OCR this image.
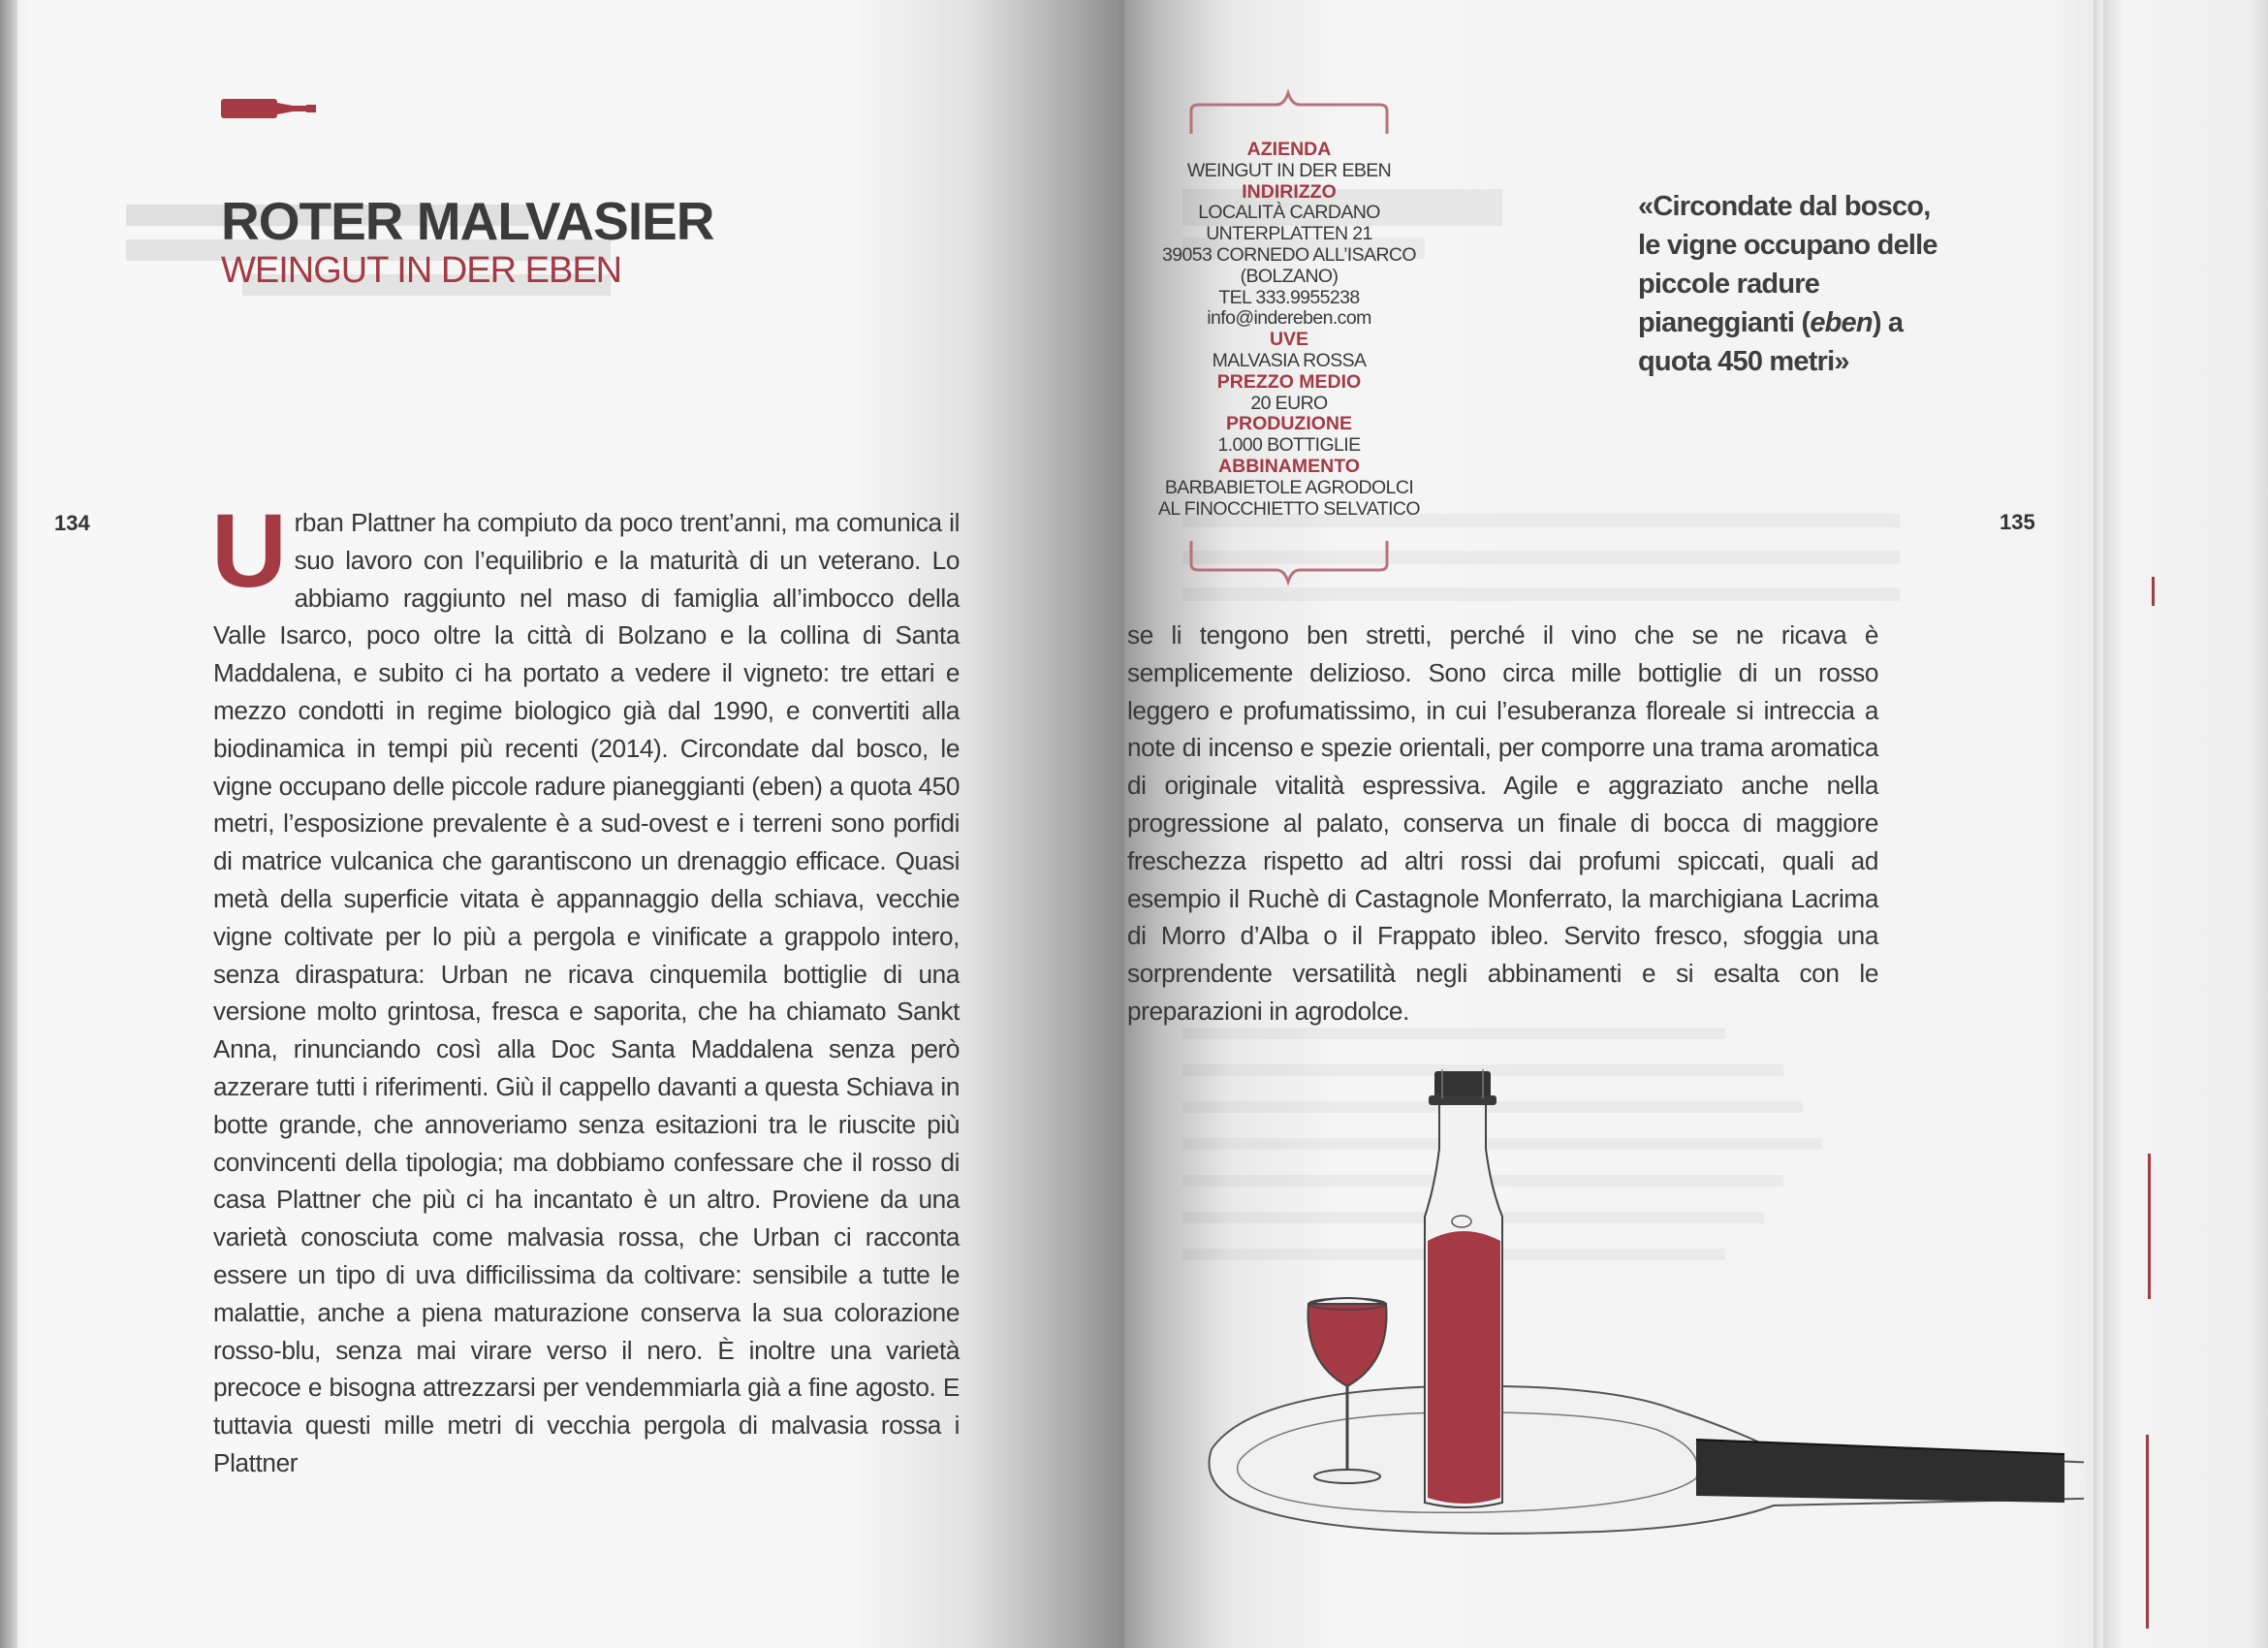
ROTER MALVASIER
WEINGUT IN DER EBEN
134 Urban Plattner ha compiuto da poco trent’anni, ma comunica il suo lavoro con l’equilibrio e la maturità di un veterano. Lo abbiamo raggiunto nel maso di famiglia all’imbocco della Valle Isarco, poco oltre la città di Bolzano e la collina di Santa Maddalena, e subito ci ha portato a vedere il vigneto: tre ettari e mezzo condotti in regime biologico già dal 1990, e convertiti alla biodinamica in tempi più recenti (2014). Circondate dal bosco, le vigne occupano delle piccole radure pianeggianti (eben) a quota 450 metri, l’esposizione prevalente è a sud-ovest e i terreni sono porfidi di matrice vulcanica che garantiscono un drenaggio efficace. Quasi metà della superficie vitata è appannaggio della schiava, vecchie vigne coltivate per lo più a pergola e vinificate a grappolo intero, senza diraspatura: Urban ne ricava cinquemila bottiglie di una versione molto grintosa, fresca e saporita, che ha chiamato Sankt Anna, rinunciando così alla Doc Santa Maddalena senza però azzerare tutti i riferimenti. Giù il cappello davanti a questa Schiava in botte grande, che annoveriamo senza esitazioni tra le riuscite più convincenti della tipologia; ma dobbiamo confessare che il rosso di casa Plattner che più ci ha incantato è un altro. Proviene da una varietà conosciuta come malvasia rossa, che Urban ci racconta essere un tipo di uva difficilissima da coltivare: sensibile a tutte le malattie, anche a piena maturazione conserva la sua colorazione rosso-blu, senza mai virare verso il nero. È inoltre una varietà precoce e bisogna attrezzarsi per vendemmiarla già a fine agosto. E tuttavia questi mille metri di vecchia pergola di malvasia rossa i Plattner
135
se li tengono ben stretti, perché il vino che se ne ricava è semplicemente delizioso. Sono circa mille bottiglie di un rosso leggero e profumatissimo, in cui l’esuberanza floreale si intreccia a note di incenso e spezie orientali, per comporre una trama aromatica di originale vitalità espressiva. Agile e aggraziato anche nella progressione al palato, conserva un finale di bocca di maggiore freschezza rispetto ad altri rossi dai profumi spiccati, quali ad esempio il Ruchè di Castagnole Monferrato, la marchigiana Lacrima di Morro d’Alba o il Frappato ibleo. Servito fresco, sfoggia una sorprendente versatilità negli abbinamenti e si esalta con le preparazioni in agrodolce.
AZIENDA
WEINGUT IN DER EBEN
INDIRIZZO
LOCALITÀ CARDANO
UNTERPLATTEN 21
39053 CORNEDO ALL’ISARCO
(BOLZANO)
TEL 333.9955238
info@indereben.com
UVE
MALVASIA ROSSA
PREZZO MEDIO
20 EURO
PRODUZIONE
1.000 BOTTIGLIE
ABBINAMENTO
BARBABIETOLE AGRODOLCI
AL FINOCCHIETTO SELVATICO
«Circondate dal bosco, le vigne occupano delle piccole radure pianeggianti (eben) a quota 450 metri»
